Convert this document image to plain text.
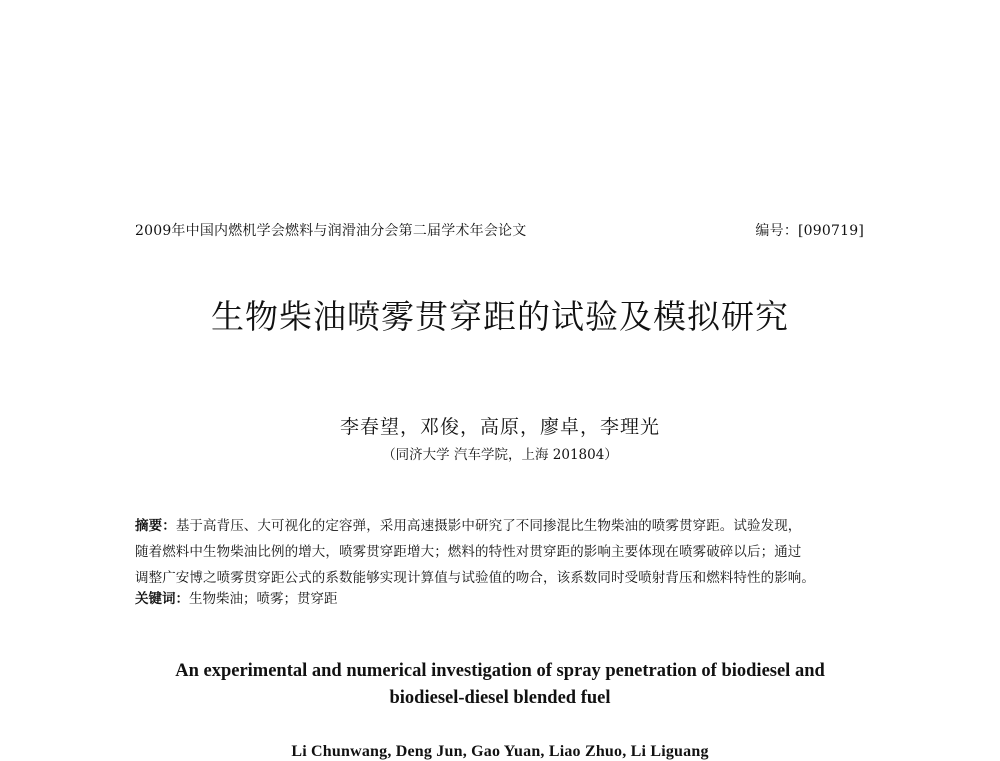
2009年中国内燃机学会燃料与润滑油分会第二届学术年会论文	编号：[090719]
生物柴油喷雾贯穿距的试验及模拟研究
李春望，邓俊，高原，廖卓，李理光
（同济大学 汽车学院，上海 201804）
摘要：基于高背压、大可视化的定容弹，采用高速摄影中研究了不同掺混比生物柴油的喷雾贯穿距。试验发现，
随着燃料中生物柴油比例的增大，喷雾贯穿距增大；燃料的特性对贯穿距的影响主要体现在喷雾破碎以后；通过
调整广安博之喷雾贯穿距公式的系数能够实现计算值与试验值的吻合，该系数同时受喷射背压和燃料特性的影响。
关键词：生物柴油；喷雾；贯穿距
An experimental and numerical investigation of spray penetration of biodiesel and
biodiesel-diesel blended fuel
Li Chunwang, Deng Jun, Gao Yuan, Liao Zhuo, Li Liguang
